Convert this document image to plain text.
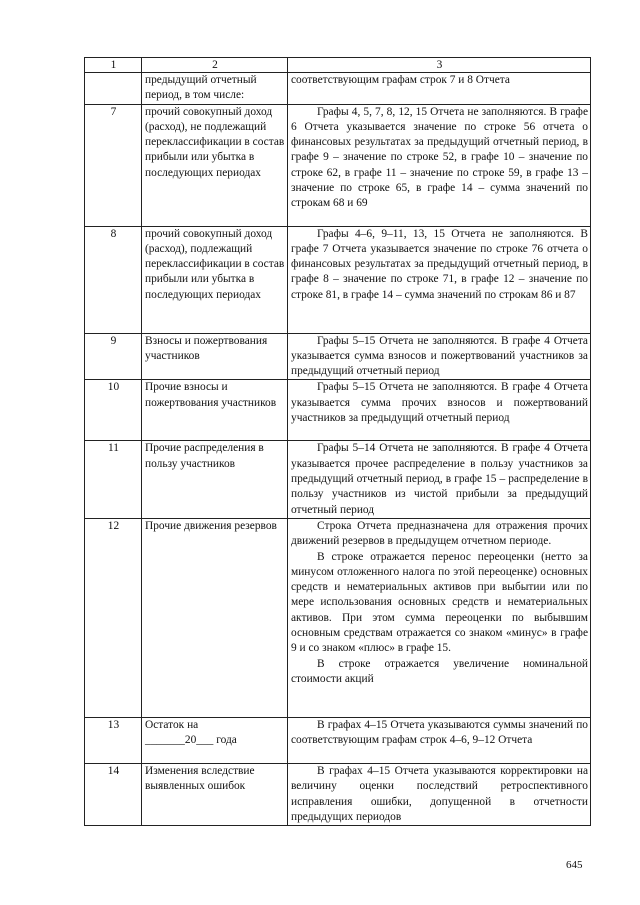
1	2	3
	предыдущий отчетный период, в том числе:	соответствующим графам строк 7 и 8 Отчета

7	прочий совокупный доход (расход), не подлежащий переклассификации в состав прибыли или убытка в последующих периодах	Графы 4, 5, 7, 8, 12, 15 Отчета не заполняются. В графе 6 Отчета указывается значение по строке 56 отчета о финансовых результатах за предыдущий отчетный период, в графе 9 – значение по строке 52, в графе 10 – значение по строке 62, в графе 11 – значение по строке 59, в графе 13 – значение по строке 65, в графе 14 – сумма значений по строкам 68 и 69

8	прочий совокупный доход (расход), подлежащий переклассификации в состав прибыли или убытка в последующих периодах	Графы 4–6, 9–11, 13, 15 Отчета не заполняются. В графе 7 Отчета указывается значение по строке 76 отчета о финансовых результатах за предыдущий отчетный период, в графе 8 – значение по строке 71, в графе 12 – значение по строке 81, в графе 14 – сумма значений по строкам 86 и 87

9	Взносы и пожертвования участников	Графы 5–15 Отчета не заполняются. В графе 4 Отчета указывается сумма взносов и пожертвований участников за предыдущий отчетный период

10	Прочие взносы и пожертвования участников	Графы 5–15 Отчета не заполняются. В графе 4 Отчета указывается сумма прочих взносов и пожертвований участников за предыдущий отчетный период

11	Прочие распределения в пользу участников	Графы 5–14 Отчета не заполняются. В графе 4 Отчета указывается прочее распределение в пользу участников за предыдущий отчетный период, в графе 15 – распределение в пользу участников из чистой прибыли за предыдущий отчетный период

12	Прочие движения резервов	Строка Отчета предназначена для отражения прочих движений резервов в предыдущем отчетном периоде.
В строке отражается перенос переоценки (нетто за минусом отложенного налога по этой переоценке) основных средств и нематериальных активов при выбытии или по мере использования основных средств и нематериальных активов. При этом сумма переоценки по выбывшим основным средствам отражается со знаком «минус» в графе 9 и со знаком «плюс» в графе 15.
В строке отражается увеличение номинальной стоимости акций

13	Остаток на
_______20___ года	В графах 4–15 Отчета указываются суммы значений по соответствующим графам строк 4–6, 9–12 Отчета

14	Изменения вследствие выявленных ошибок	В графах 4–15 Отчета указываются корректировки на величину оценки последствий ретроспективного исправления ошибки, допущенной в отчетности предыдущих периодов
645
